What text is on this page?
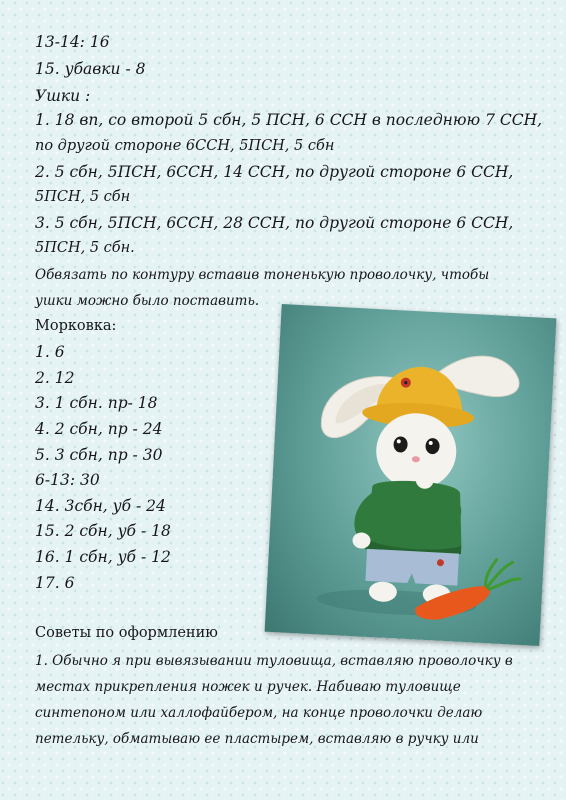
13-14: 16
15. убавки - 8
Ушки :
1. 18 вп, со второй 5 сбн, 5 ПСН, 6 ССН в последнюю 7 ССН,
по другой стороне 6ССН, 5ПСН, 5 сбн
2. 5 сбн, 5ПСН, 6ССН, 14 ССН, по другой стороне 6 ССН,
5ПСН, 5 сбн
3. 5 сбн, 5ПСН, 6ССН, 28 ССН, по другой стороне 6 ССН,
5ПСН, 5 сбн.
Обвязать по контуру вставив тоненькую проволочку, чтобы
ушки можно было поставить.
Морковка:
1. 6
2. 12
3. 1 сбн. пр- 18
4. 2 сбн, пр - 24
5. 3 сбн, пр - 30
6-13: 30
14. 3сбн, уб - 24
15. 2 сбн, уб - 18
16. 1 сбн, уб - 12
17. 6
Советы по оформлению
1. Обычно я при вывязывании туловища, вставляю проволочку в
местах прикрепления ножек и ручек. Набиваю туловище
синтепоном или халлофайбером, на конце проволочки делаю
петельку, обматываю ее пластырем, вставляю в ручку или
